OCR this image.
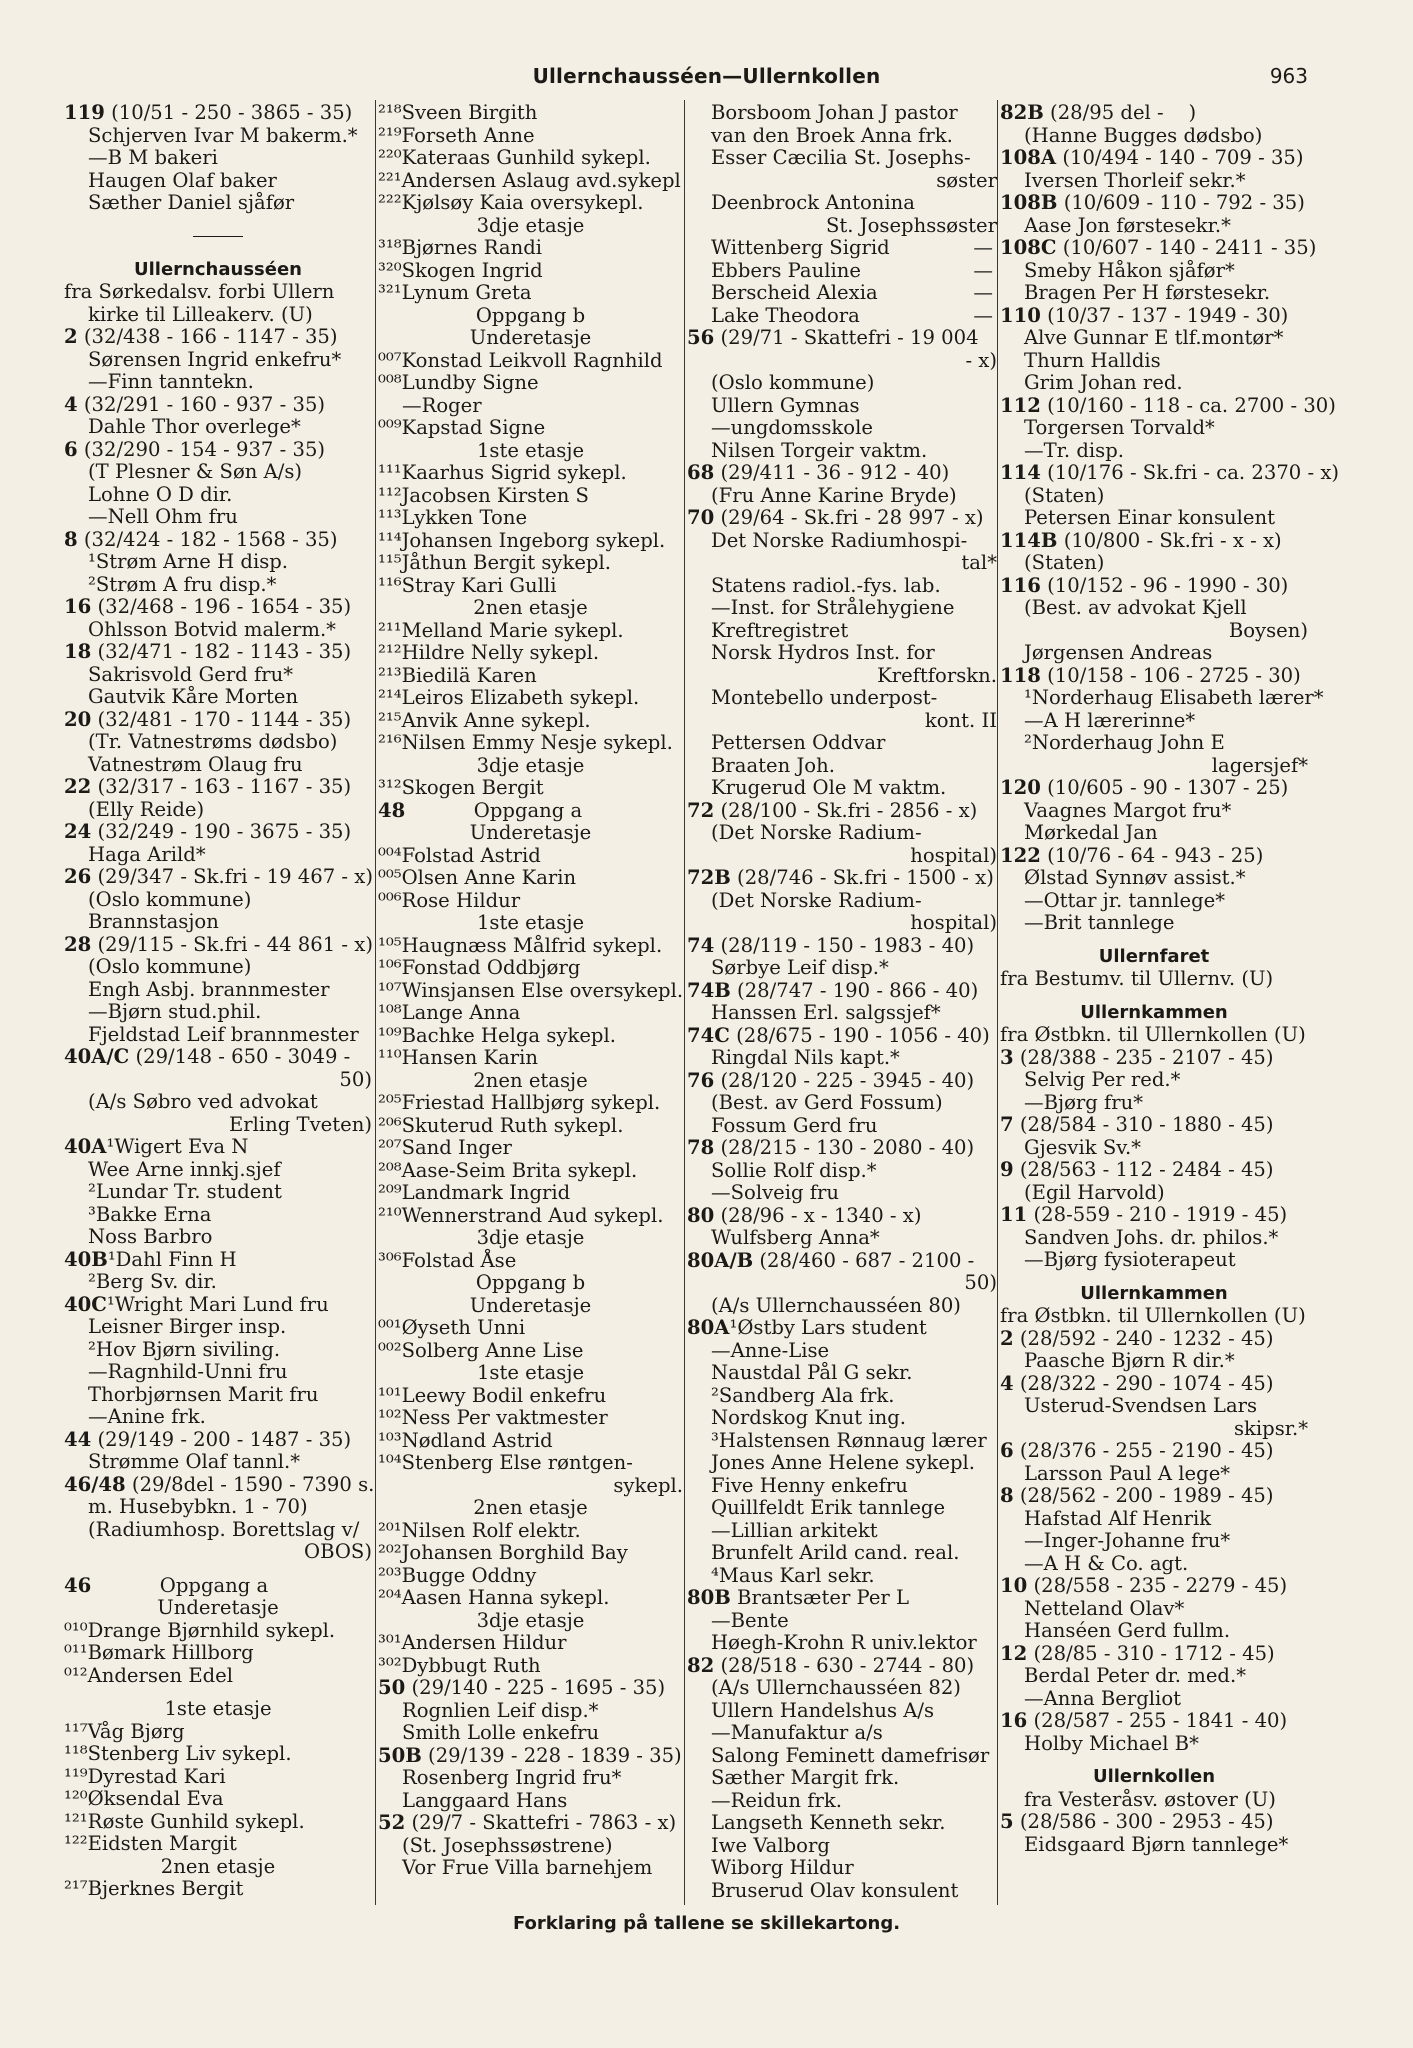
Ullernchausséen—Ullernkollen	963
119 (10/51 - 250 - 3865 - 35)
Schjerven Ivar M bakerm.*
—B M bakeri
Haugen Olaf baker
Sæther Daniel sjåfør
Ullernchausséen
fra Sørkedalsv. forbi Ullern
kirke til Lilleakerv. (U)
2 (32/438 - 166 - 1147 - 35)
Sørensen Ingrid enkefru*
—Finn tanntekn.
4 (32/291 - 160 - 937 - 35)
Dahle Thor overlege*
6 (32/290 - 154 - 937 - 35)
(T Plesner & Søn A/s)
Lohne O D dir.
—Nell Ohm fru
8 (32/424 - 182 - 1568 - 35)
¹Strøm Arne H disp.
²Strøm A fru disp.*
16 (32/468 - 196 - 1654 - 35)
Ohlsson Botvid malerm.*
18 (32/471 - 182 - 1143 - 35)
Sakrisvold Gerd fru*
Gautvik Kåre Morten
20 (32/481 - 170 - 1144 - 35)
(Tr. Vatnestrøms dødsbo)
Vatnestrøm Olaug fru
22 (32/317 - 163 - 1167 - 35)
(Elly Reide)
24 (32/249 - 190 - 3675 - 35)
Haga Arild*
26 (29/347 - Sk.fri - 19 467 - x)
(Oslo kommune)
Brannstasjon
28 (29/115 - Sk.fri - 44 861 - x)
(Oslo kommune)
Engh Asbj. brannmester
—Bjørn stud.phil.
Fjeldstad Leif brannmester
40A/C (29/148 - 650 - 3049 -
50)
(A/s Søbro ved advokat
Erling Tveten)
40A¹Wigert Eva N
Wee Arne innkj.sjef
²Lundar Tr. student
³Bakke Erna
Noss Barbro
40B¹Dahl Finn H
²Berg Sv. dir.
40C¹Wright Mari Lund fru
Leisner Birger insp.
²Hov Bjørn siviling.
—Ragnhild-Unni fru
Thorbjørnsen Marit fru
—Anine frk.
44 (29/149 - 200 - 1487 - 35)
Strømme Olaf tannl.*
46/48 (29/8del - 1590 - 7390 s.
m. Husebybkn. 1 - 70)
(Radiumhosp. Borettslag v/
OBOS)
46           Oppgang a
Underetasje
⁰¹⁰Drange Bjørnhild sykepl.
⁰¹¹Bømark Hillborg
⁰¹²Andersen Edel
1ste etasje
¹¹⁷Våg Bjørg
¹¹⁸Stenberg Liv sykepl.
¹¹⁹Dyrestad Kari
¹²⁰Øksendal Eva
¹²¹Røste Gunhild sykepl.
¹²²Eidsten Margit
2nen etasje
²¹⁷Bjerknes Bergit
²¹⁸Sveen Birgith
²¹⁹Forseth Anne
²²⁰Kateraas Gunhild sykepl.
²²¹Andersen Aslaug avd.sykepl
²²²Kjølsøy Kaia oversykepl.
3dje etasje
³¹⁸Bjørnes Randi
³²⁰Skogen Ingrid
³²¹Lynum Greta
Oppgang b
Underetasje
⁰⁰⁷Konstad Leikvoll Ragnhild
⁰⁰⁸Lundby Signe
—Roger
⁰⁰⁹Kapstad Signe
1ste etasje
¹¹¹Kaarhus Sigrid sykepl.
¹¹²Jacobsen Kirsten S
¹¹³Lykken Tone
¹¹⁴Johansen Ingeborg sykepl.
¹¹⁵Jåthun Bergit sykepl.
¹¹⁶Stray Kari Gulli
2nen etasje
²¹¹Melland Marie sykepl.
²¹²Hildre Nelly sykepl.
²¹³Biedilä Karen
²¹⁴Leiros Elizabeth sykepl.
²¹⁵Anvik Anne sykepl.
²¹⁶Nilsen Emmy Nesje sykepl.
3dje etasje
³¹²Skogen Bergit
48           Oppgang a
Underetasje
⁰⁰⁴Folstad Astrid
⁰⁰⁵Olsen Anne Karin
⁰⁰⁶Rose Hildur
1ste etasje
¹⁰⁵Haugnæss Målfrid sykepl.
¹⁰⁶Fonstad Oddbjørg
¹⁰⁷Winsjansen Else oversykepl.
¹⁰⁸Lange Anna
¹⁰⁹Bachke Helga sykepl.
¹¹⁰Hansen Karin
2nen etasje
²⁰⁵Friestad Hallbjørg sykepl.
²⁰⁶Skuterud Ruth sykepl.
²⁰⁷Sand Inger
²⁰⁸Aase-Seim Brita sykepl.
²⁰⁹Landmark Ingrid
²¹⁰Wennerstrand Aud sykepl.
3dje etasje
³⁰⁶Folstad Åse
Oppgang b
Underetasje
⁰⁰¹Øyseth Unni
⁰⁰²Solberg Anne Lise
1ste etasje
¹⁰¹Leewy Bodil enkefru
¹⁰²Ness Per vaktmester
¹⁰³Nødland Astrid
¹⁰⁴Stenberg Else røntgen-
sykepl.
2nen etasje
²⁰¹Nilsen Rolf elektr.
²⁰²Johansen Borghild Bay
²⁰³Bugge Oddny
²⁰⁴Aasen Hanna sykepl.
3dje etasje
³⁰¹Andersen Hildur
³⁰²Dybbugt Ruth
50 (29/140 - 225 - 1695 - 35)
Rognlien Leif disp.*
Smith Lolle enkefru
50B (29/139 - 228 - 1839 - 35)
Rosenberg Ingrid fru*
Langgaard Hans
52 (29/7 - Skattefri - 7863 - x)
(St. Josephssøstrene)
Vor Frue Villa barnehjem
Borsboom Johan J pastor
van den Broek Anna frk.
Esser Cæcilia St. Josephs-
søster
Deenbrock Antonina
St. Josephssøster
Wittenberg Sigrid	—
Ebbers Pauline	—
Berscheid Alexia	—
Lake Theodora	—
56 (29/71 - Skattefri - 19 004
- x)
(Oslo kommune)
Ullern Gymnas
—ungdomsskole
Nilsen Torgeir vaktm.
68 (29/411 - 36 - 912 - 40)
(Fru Anne Karine Bryde)
70 (29/64 - Sk.fri - 28 997 - x)
Det Norske Radiumhospi-
tal*
Statens radiol.-fys. lab.
—Inst. for Strålehygiene
Kreftregistret
Norsk Hydros Inst. for
Kreftforskn.
Montebello underpost-
kont. II
Pettersen Oddvar
Braaten Joh.
Krugerud Ole M vaktm.
72 (28/100 - Sk.fri - 2856 - x)
(Det Norske Radium-
hospital)
72B (28/746 - Sk.fri - 1500 - x)
(Det Norske Radium-
hospital)
74 (28/119 - 150 - 1983 - 40)
Sørbye Leif disp.*
74B (28/747 - 190 - 866 - 40)
Hanssen Erl. salgssjef*
74C (28/675 - 190 - 1056 - 40)
Ringdal Nils kapt.*
76 (28/120 - 225 - 3945 - 40)
(Best. av Gerd Fossum)
Fossum Gerd fru
78 (28/215 - 130 - 2080 - 40)
Sollie Rolf disp.*
—Solveig fru
80 (28/96 - x - 1340 - x)
Wulfsberg Anna*
80A/B (28/460 - 687 - 2100 -
50)
(A/s Ullernchausséen 80)
80A¹Østby Lars student
—Anne-Lise
Naustdal Pål G sekr.
²Sandberg Ala frk.
Nordskog Knut ing.
³Halstensen Rønnaug lærer
Jones Anne Helene sykepl.
Five Henny enkefru
Quillfeldt Erik tannlege
—Lillian arkitekt
Brunfelt Arild cand. real.
⁴Maus Karl sekr.
80B Brantsæter Per L
—Bente
Høegh-Krohn R univ.lektor
82 (28/518 - 630 - 2744 - 80)
(A/s Ullernchausséen 82)
Ullern Handelshus A/s
—Manufaktur a/s
Salong Feminett damefrisør
Sæther Margit frk.
—Reidun frk.
Langseth Kenneth sekr.
Iwe Valborg
Wiborg Hildur
Bruserud Olav konsulent
82B (28/95 del -    )
(Hanne Bugges dødsbo)
108A (10/494 - 140 - 709 - 35)
Iversen Thorleif sekr.*
108B (10/609 - 110 - 792 - 35)
Aase Jon førstesekr.*
108C (10/607 - 140 - 2411 - 35)
Smeby Håkon sjåfør*
Bragen Per H førstesekr.
110 (10/37 - 137 - 1949 - 30)
Alve Gunnar E tlf.montør*
Thurn Halldis
Grim Johan red.
112 (10/160 - 118 - ca. 2700 - 30)
Torgersen Torvald*
—Tr. disp.
114 (10/176 - Sk.fri - ca. 2370 - x)
(Staten)
Petersen Einar konsulent
114B (10/800 - Sk.fri - x - x)
(Staten)
116 (10/152 - 96 - 1990 - 30)
(Best. av advokat Kjell
Boysen)
Jørgensen Andreas
118 (10/158 - 106 - 2725 - 30)
¹Norderhaug Elisabeth lærer*
—A H lærerinne*
²Norderhaug John E
lagersjef*
120 (10/605 - 90 - 1307 - 25)
Vaagnes Margot fru*
Mørkedal Jan
122 (10/76 - 64 - 943 - 25)
Ølstad Synnøv assist.*
—Ottar jr. tannlege*
—Brit tannlege
Ullernfaret
fra Bestumv. til Ullernv. (U)
Ullernkammen
fra Østbkn. til Ullernkollen (U)
3 (28/388 - 235 - 2107 - 45)
Selvig Per red.*
—Bjørg fru*
7 (28/584 - 310 - 1880 - 45)
Gjesvik Sv.*
9 (28/563 - 112 - 2484 - 45)
(Egil Harvold)
11 (28-559 - 210 - 1919 - 45)
Sandven Johs. dr. philos.*
—Bjørg fysioterapeut
Ullernkammen
fra Østbkn. til Ullernkollen (U)
2 (28/592 - 240 - 1232 - 45)
Paasche Bjørn R dir.*
4 (28/322 - 290 - 1074 - 45)
Usterud-Svendsen Lars
skipsr.*
6 (28/376 - 255 - 2190 - 45)
Larsson Paul A lege*
8 (28/562 - 200 - 1989 - 45)
Hafstad Alf Henrik
—Inger-Johanne fru*
—A H & Co. agt.
10 (28/558 - 235 - 2279 - 45)
Netteland Olav*
Hanséen Gerd fullm.
12 (28/85 - 310 - 1712 - 45)
Berdal Peter dr. med.*
—Anna Bergliot
16 (28/587 - 255 - 1841 - 40)
Holby Michael B*
Ullernkollen
fra Vesteråsv. østover (U)
5 (28/586 - 300 - 2953 - 45)
Eidsgaard Bjørn tannlege*
Forklaring på tallene se skillekartong.
